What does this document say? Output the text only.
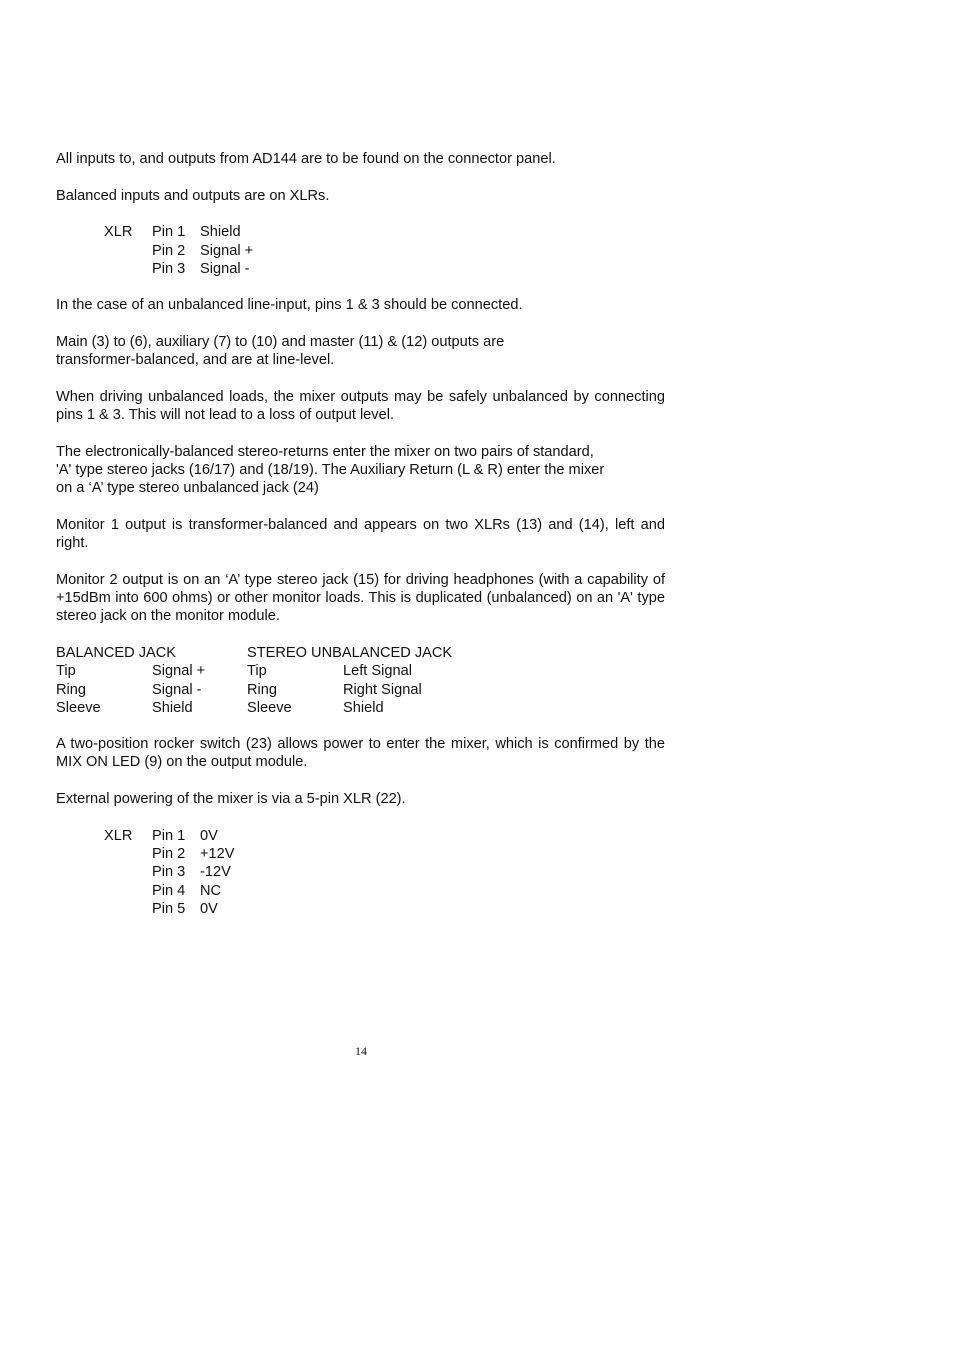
All inputs to, and outputs from AD144 are to be found on the connector panel.

Balanced inputs and outputs are on XLRs.

XLR Pin 1 Shield
Pin 2 Signal +
Pin 3 Signal -

In the case of an unbalanced line-input, pins 1 & 3 should be connected.

Main (3) to (6), auxiliary (7) to (10) and master (11) & (12) outputs are transformer-balanced, and are at line-level.

When driving unbalanced loads, the mixer outputs may be safely unbalanced by connecting pins 1 & 3. This will not lead to a loss of output level.

The electronically-balanced stereo-returns enter the mixer on two pairs of standard,
'A' type stereo jacks (16/17) and (18/19). The Auxiliary Return (L & R) enter the mixer
on a ‘A’ type stereo unbalanced jack (24)

Monitor 1 output is transformer-balanced and appears on two XLRs (13) and (14), left and right.

Monitor 2 output is on an ‘A’ type stereo jack (15) for driving headphones (with a capability of +15dBm into 600 ohms) or other monitor loads. This is duplicated (unbalanced) on an 'A' type stereo jack on the monitor module.

BALANCED JACK	STEREO UNBALANCED JACK
Tip	Signal +	Tip	Left Signal
Ring	Signal -	Ring	Right Signal
Sleeve	Shield	Sleeve	Shield

A two-position rocker switch (23) allows power to enter the mixer, which is confirmed by the MIX ON LED (9) on the output module.

External powering of the mixer is via a 5-pin XLR (22).

XLR Pin 1 0V
Pin 2 +12V
Pin 3 -12V
Pin 4 NC
Pin 5 0V
14
